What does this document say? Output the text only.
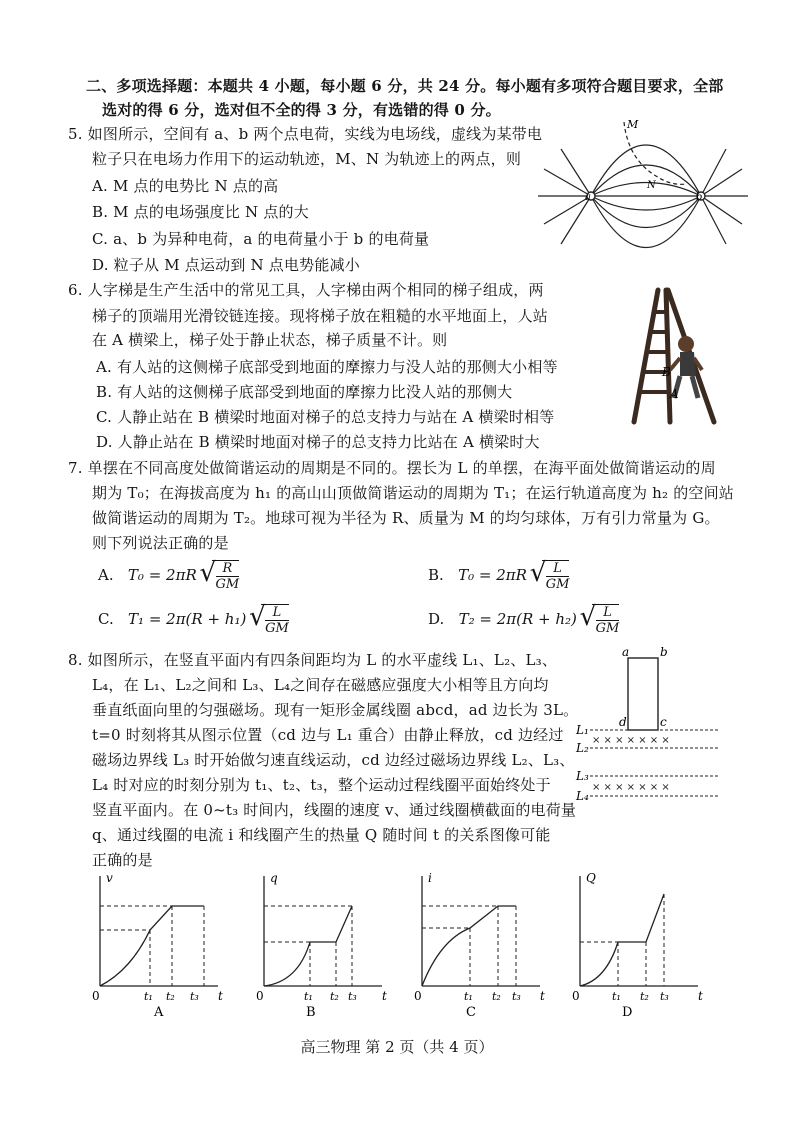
二、多项选择题：本题共 4 小题，每小题 6 分，共 24 分。每小题有多项符合题目要求，全部
选对的得 6 分，选对但不全的得 3 分，有选错的得 0 分。
5. 如图所示，空间有 a、b 两个点电荷，实线为电场线，虚线为某带电
粒子只在电场力作用下的运动轨迹，M、N 为轨迹上的两点，则
A. M 点的电势比 N 点的高
B. M 点的电场强度比 N 点的大
C. a、b 为异种电荷，a 的电荷量小于 b 的电荷量
D. 粒子从 M 点运动到 N 点电势能减小
a	b
M
N
6. 人字梯是生产生活中的常见工具，人字梯由两个相同的梯子组成，两
梯子的顶端用光滑铰链连接。现将梯子放在粗糙的水平地面上，人站
在 A 横梁上，梯子处于静止状态，梯子质量不计。则
A. 有人站的这侧梯子底部受到地面的摩擦力与没人站的那侧大小相等
B. 有人站的这侧梯子底部受到地面的摩擦力比没人站的那侧大
C. 人静止站在 B 横梁时地面对梯子的总支持力与站在 A 横梁时相等
D. 人静止站在 B 横梁时地面对梯子的总支持力比站在 A 横梁时大
B
A
7. 单摆在不同高度处做简谐运动的周期是不同的。摆长为 L 的单摆，在海平面处做简谐运动的周
期为 T₀；在海拔高度为 h₁ 的高山山顶做简谐运动的周期为 T₁；在运行轨道高度为 h₂ 的空间站
做简谐运动的周期为 T₂。地球可视为半径为 R、质量为 M 的均匀球体，万有引力常量为 G。
则下列说法正确的是
A. T₀ = 2πR √ $\frac{R}{GM}$	B. T₀ = 2πR √ $\frac{L}{GM}$
C. T₁ = 2π(R + h₁) √ $\frac{L}{GM}$	D. T₂ = 2π(R + h₂) √ $\frac{L}{GM}$
8. 如图所示，在竖直平面内有四条间距均为 L 的水平虚线 L₁、L₂、L₃、
L₄，在 L₁、L₂之间和 L₃、L₄之间存在磁感应强度大小相等且方向均
垂直纸面向里的匀强磁场。现有一矩形金属线圈 abcd，ad 边长为 3L。
t=0 时刻将其从图示位置（cd 边与 L₁ 重合）由静止释放，cd 边经过
磁场边界线 L₃ 时开始做匀速直线运动，cd 边经过磁场边界线 L₂、L₃、
L₄ 时对应的时刻分别为 t₁、t₂、t₃，整个运动过程线圈平面始终处于
竖直平面内。在 0~t₃ 时间内，线圈的速度 v、通过线圈横截面的电荷量
q、通过线圈的电流 i 和线圈产生的热量 Q 随时间 t 的关系图像可能
正确的是
a	b
d	c
× × × × × × ×
× × × × × × ×
L₁
L₂
L₃
L₄
v
t
0	t₁ t₂ t₃
A
q
t
0	t₁ t₂ t₃
B
i
t
0	t₁ t₂ t₃
C
Q
t
0	t₁ t₂ t₃
D
高三物理 第 2 页（共 4 页）
